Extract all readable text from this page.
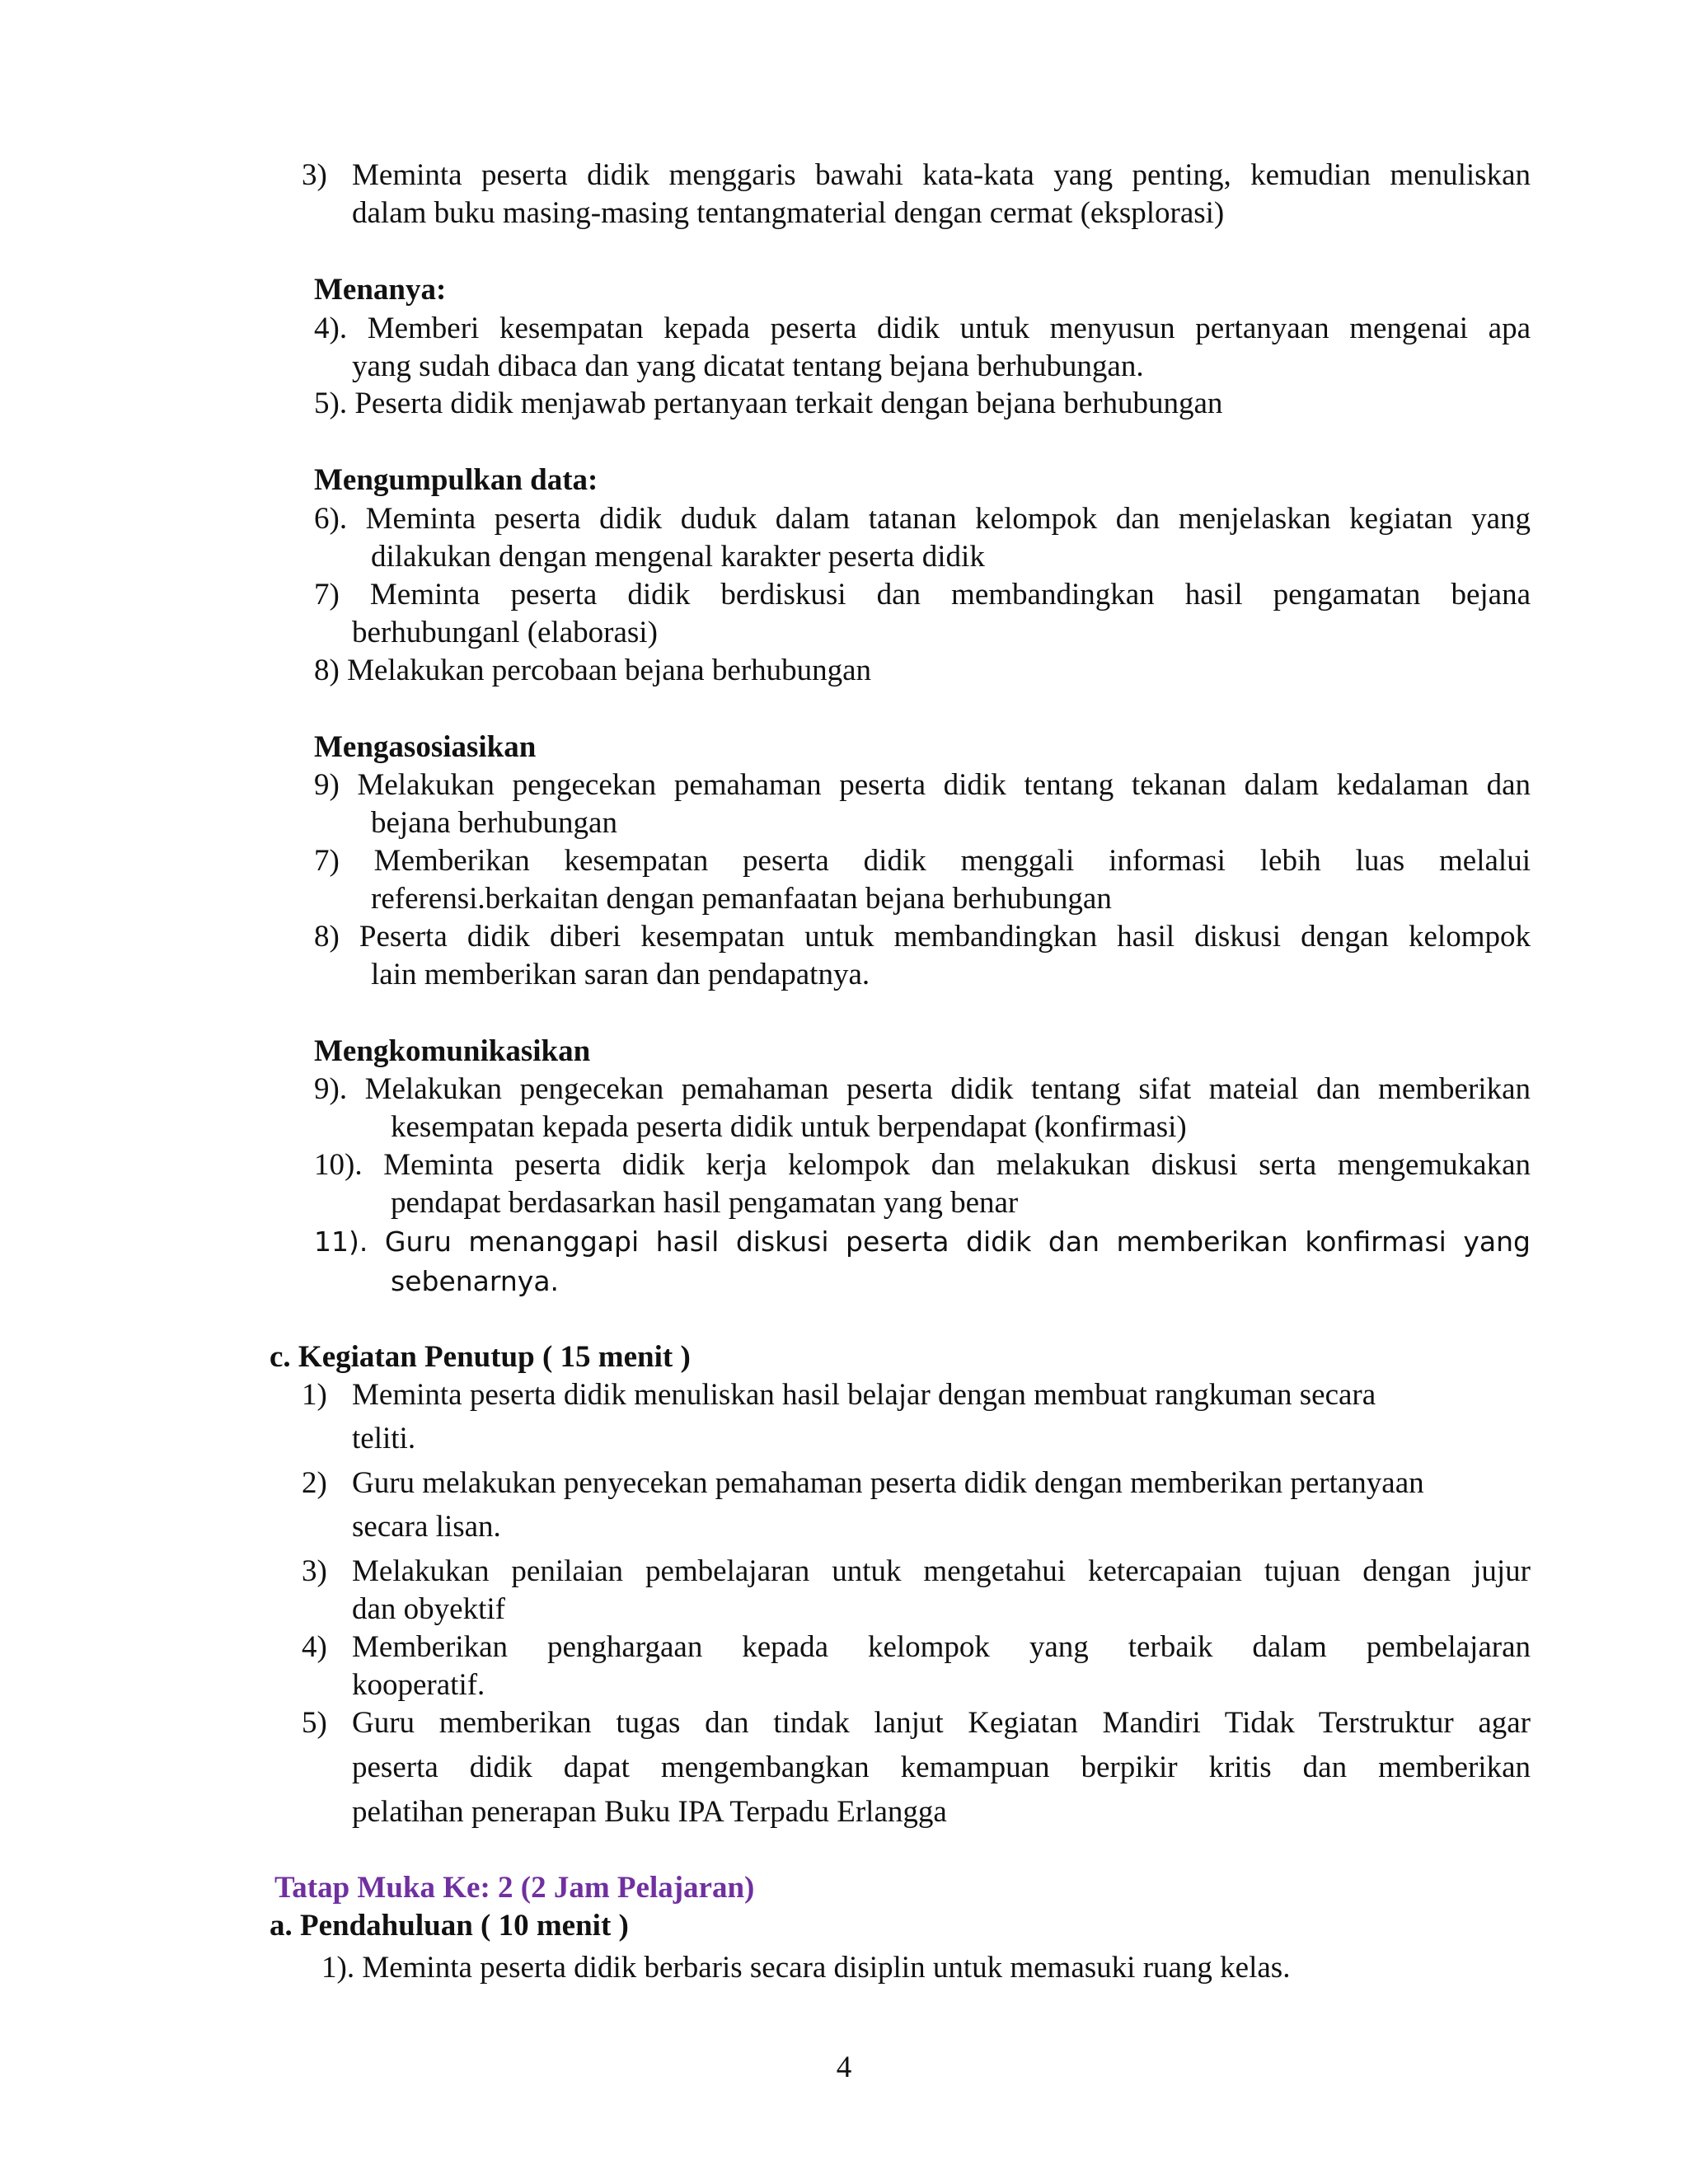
3) Meminta peserta didik menggaris bawahi kata-kata yang penting, kemudian menuliskan
dalam buku masing-masing tentangmaterial dengan cermat (eksplorasi)
Menanya:
4). Memberi kesempatan kepada peserta didik untuk menyusun pertanyaan mengenai apa
yang sudah dibaca dan yang dicatat tentang bejana berhubungan.
5). Peserta didik menjawab pertanyaan terkait dengan bejana berhubungan
Mengumpulkan data:
6). Meminta peserta didik duduk dalam tatanan kelompok dan menjelaskan kegiatan yang
dilakukan dengan mengenal karakter peserta didik
7) Meminta peserta didik berdiskusi dan membandingkan hasil pengamatan bejana
berhubunganl (elaborasi)
8) Melakukan percobaan bejana berhubungan
Mengasosiasikan
9) Melakukan pengecekan pemahaman peserta didik tentang tekanan dalam kedalaman dan
bejana berhubungan
7) Memberikan kesempatan peserta didik menggali informasi lebih luas melalui
referensi.berkaitan dengan pemanfaatan bejana berhubungan
8) Peserta didik diberi kesempatan untuk membandingkan hasil diskusi dengan kelompok
lain memberikan saran dan pendapatnya.
Mengkomunikasikan
9). Melakukan pengecekan pemahaman peserta didik tentang sifat mateial dan memberikan
kesempatan kepada peserta didik untuk berpendapat (konfirmasi)
10). Meminta peserta didik kerja kelompok dan melakukan diskusi serta mengemukakan
pendapat berdasarkan hasil pengamatan yang benar
11). Guru menanggapi hasil diskusi peserta didik dan memberikan konfirmasi yang
sebenarnya.
c. Kegiatan Penutup ( 15 menit )
1) Meminta peserta didik menuliskan hasil belajar dengan membuat rangkuman secara
teliti.
2) Guru melakukan penyecekan pemahaman peserta didik dengan memberikan pertanyaan
secara lisan.
3) Melakukan penilaian pembelajaran untuk mengetahui ketercapaian tujuan dengan jujur
dan obyektif
4) Memberikan penghargaan kepada kelompok yang terbaik dalam pembelajaran
kooperatif.
5) Guru memberikan tugas dan tindak lanjut Kegiatan Mandiri Tidak Terstruktur agar
peserta didik dapat mengembangkan kemampuan berpikir kritis dan memberikan
pelatihan penerapan Buku IPA Terpadu Erlangga
Tatap Muka Ke: 2 (2 Jam Pelajaran)
a. Pendahuluan ( 10 menit )
1). Meminta peserta didik berbaris secara disiplin untuk memasuki ruang kelas.
4
